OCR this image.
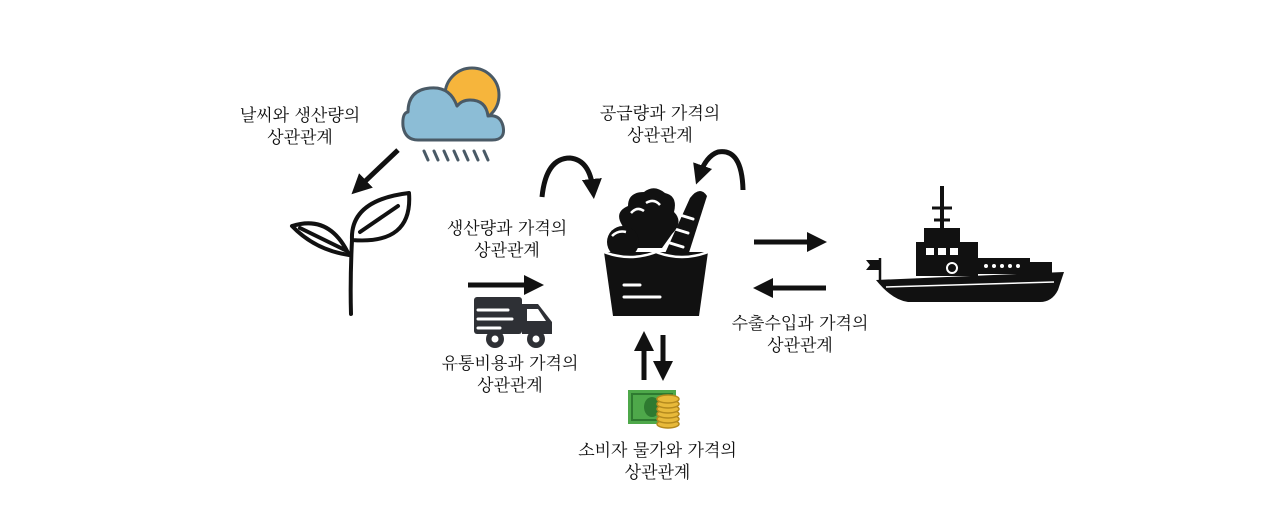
날씨와 생산량의
상관관계
공급량과 가격의
상관관계
생산량과 가격의
상관관계
유통비용과 가격의
상관관계
수출수입과 가격의
상관관계
소비자 물가와 가격의
상관관계
